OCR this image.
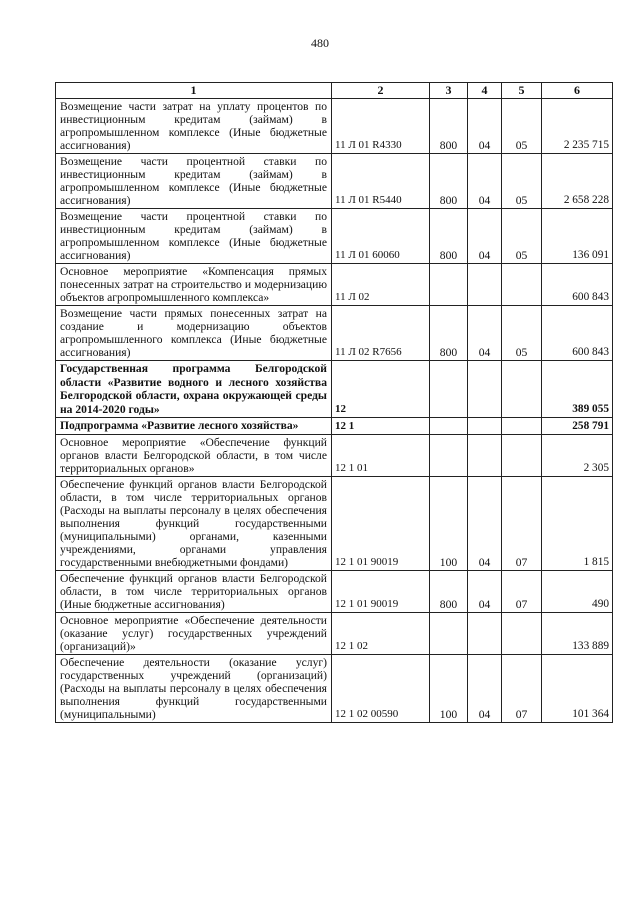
480
1	2	3	4	5	6
Возмещение части затрат на уплату процентов по инвестиционным кредитам (займам) в агропромышленном комплексе (Иные бюджетные ассигнования)	11 Л 01 R4330	800	04	05	2 235 715
Возмещение части процентной ставки по инвестиционным кредитам (займам) в агропромышленном комплексе (Иные бюджетные ассигнования)	11 Л 01 R5440	800	04	05	2 658 228
Возмещение части процентной ставки по инвестиционным кредитам (займам) в агропромышленном комплексе (Иные бюджетные ассигнования)	11 Л 01 60060	800	04	05	136 091
Основное мероприятие «Компенсация прямых понесенных затрат на строительство и модернизацию объектов агропромышленного комплекса»	11 Л 02				600 843
Возмещение части прямых понесенных затрат на создание и модернизацию объектов агропромышленного комплекса (Иные бюджетные ассигнования)	11 Л 02 R7656	800	04	05	600 843
Государственная программа Белгородской области «Развитие водного и лесного хозяйства Белгородской области, охрана окружающей среды на 2014-2020 годы»	12				389 055
Подпрограмма «Развитие лесного хозяйства»	12 1				258 791
Основное мероприятие «Обеспечение функций органов власти Белгородской области, в том числе территориальных органов»	12 1 01				2 305
Обеспечение функций органов власти Белгородской области, в том числе территориальных органов (Расходы на выплаты персоналу в целях обеспечения выполнения функций государственными (муниципальными) органами, казенными учреждениями, органами управления государственными внебюджетными фондами)	12 1 01 90019	100	04	07	1 815
Обеспечение функций органов власти Белгородской области, в том числе территориальных органов (Иные бюджетные ассигнования)	12 1 01 90019	800	04	07	490
Основное мероприятие «Обеспечение деятельности (оказание услуг) государственных учреждений (организаций)»	12 1 02				133 889
Обеспечение деятельности (оказание услуг) государственных учреждений (организаций) (Расходы на выплаты персоналу в целях обеспечения выполнения функций государственными (муниципальными)	12 1 02 00590	100	04	07	101 364
